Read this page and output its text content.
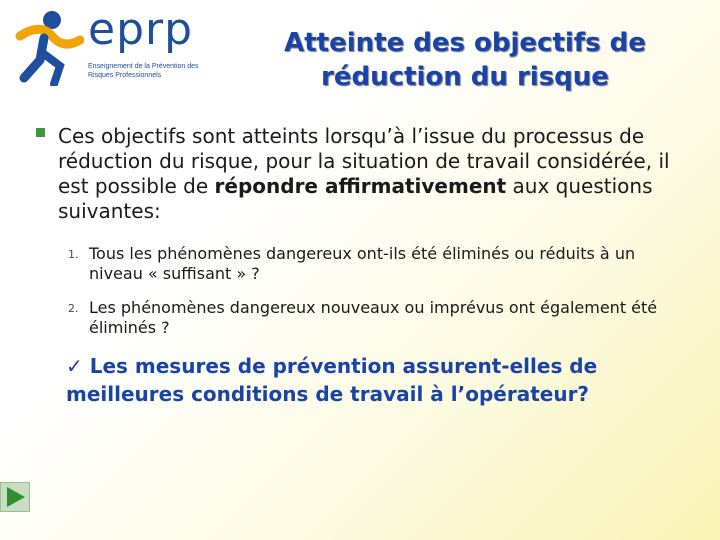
eprp
Enseignement de la Prévention des Risques Professionnels
Atteinte des objectifs de
réduction du risque
Ces objectifs sont atteints lorsqu’à l’issue du processus de réduction du risque, pour la situation de travail considérée, il est possible de répondre affirmativement aux questions suivantes:
1. Tous les phénomènes dangereux ont-ils été éliminés ou réduits à un niveau « suffisant » ?
2. Les phénomènes dangereux nouveaux ou imprévus ont également été éliminés ?
✓ Les mesures de prévention assurent-elles de meilleures conditions de travail à l’opérateur?
